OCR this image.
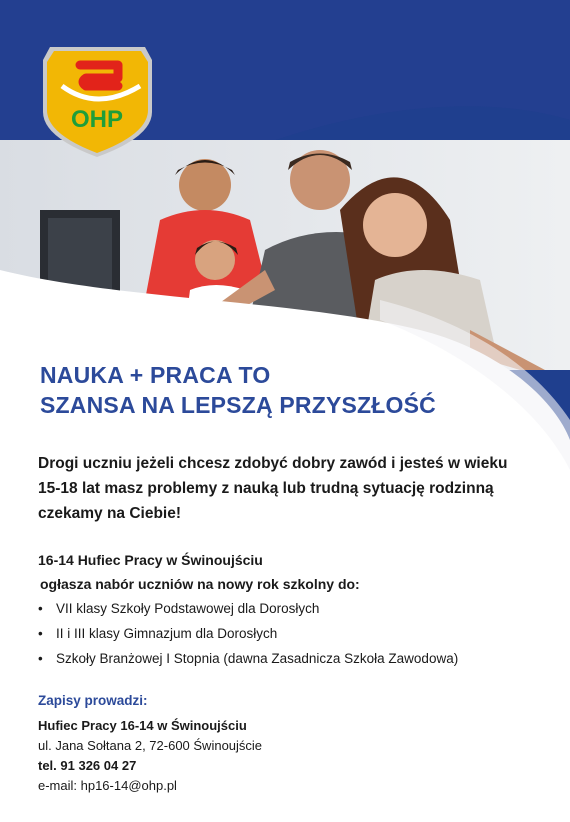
OHP
NAUKA + PRACA TO
SZANSA NA LEPSZĄ PRZYSZŁOŚĆ
Drogi uczniu jeżeli chcesz zdobyć dobry zawód i jesteś w wieku
15-18 lat masz problemy z nauką lub trudną sytuację rodzinną
czekamy na Ciebie!
16-14 Hufiec Pracy w Świnoujściu
ogłasza nabór uczniów na nowy rok szkolny do:
• VII klasy Szkoły Podstawowej dla Dorosłych
• II i III klasy Gimnazjum dla Dorosłych
• Szkoły Branżowej I Stopnia (dawna Zasadnicza Szkoła Zawodowa)
Zapisy prowadzi:
Hufiec Pracy 16-14 w Świnoujściu
ul. Jana Sołtana 2, 72-600 Świnoujście
tel. 91 326 04 27
e-mail: hp16-14@ohp.pl
